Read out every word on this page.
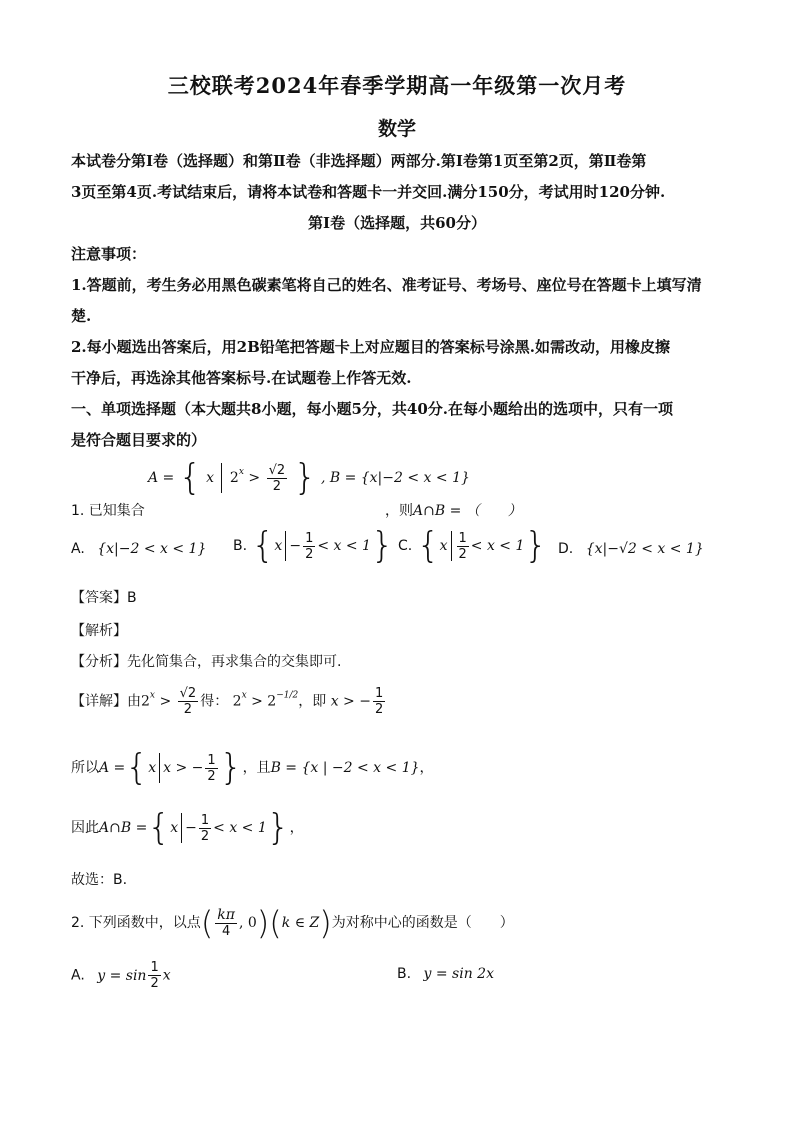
三校联考2024年春季学期高一年级第一次月考
数学
本试卷分第Ⅰ卷（选择题）和第Ⅱ卷（非选择题）两部分.第Ⅰ卷第1页至第2页，第Ⅱ卷第
3页至第4页.考试结束后，请将本试卷和答题卡一并交回.满分150分，考试用时120分钟.
第Ⅰ卷（选择题，共60分）
注意事项：
1.答题前，考生务必用黑色碳素笔将自己的姓名、准考证号、考场号、座位号在答题卡上填写清
楚.
2.每小题选出答案后，用2B铅笔把答题卡上对应题目的答案标号涂黑.如需改动，用橡皮擦
干净后，再选涂其他答案标号.在试题卷上作答无效.
一、单项选择题（本大题共8小题，每小题5分，共40分.在每小题给出的选项中，只有一项
是符合题目要求的）
A = { x $2^x > \frac{√2}{2}$ } , B = {x|−2 < x < 1}
1. 已知集合	，则A∩B = （　　）
A. {x|−2 < x < 1} B. $\{x - \frac{1}{2} < x < 1\}$ C. $\{x \frac{1}{2} < x < 1\}$ D. {x|−√2 < x < 1}
【答案】B
【解析】
【分析】先化简集合，再求集合的交集即可.
【详解】由$2^x > \frac{√2}{2}$ 得： $2^x > 2^{-1/2}$，即 x > − $\frac{1}{2}$
所以A ={x x > − $\frac{1}{2}$ }，且B = {x | −2 < x < 1}，
因此A∩B $=\{x - \frac{1}{2} < x < 1\}$，
故选：B.
2. 下列函数中，以点( $\frac{k\pi}{4}$ , 0)(k ∈ Z)为对称中心的函数是（　　）
A. $y = \sin \frac{1}{2}$ x	B. y = sin 2x
